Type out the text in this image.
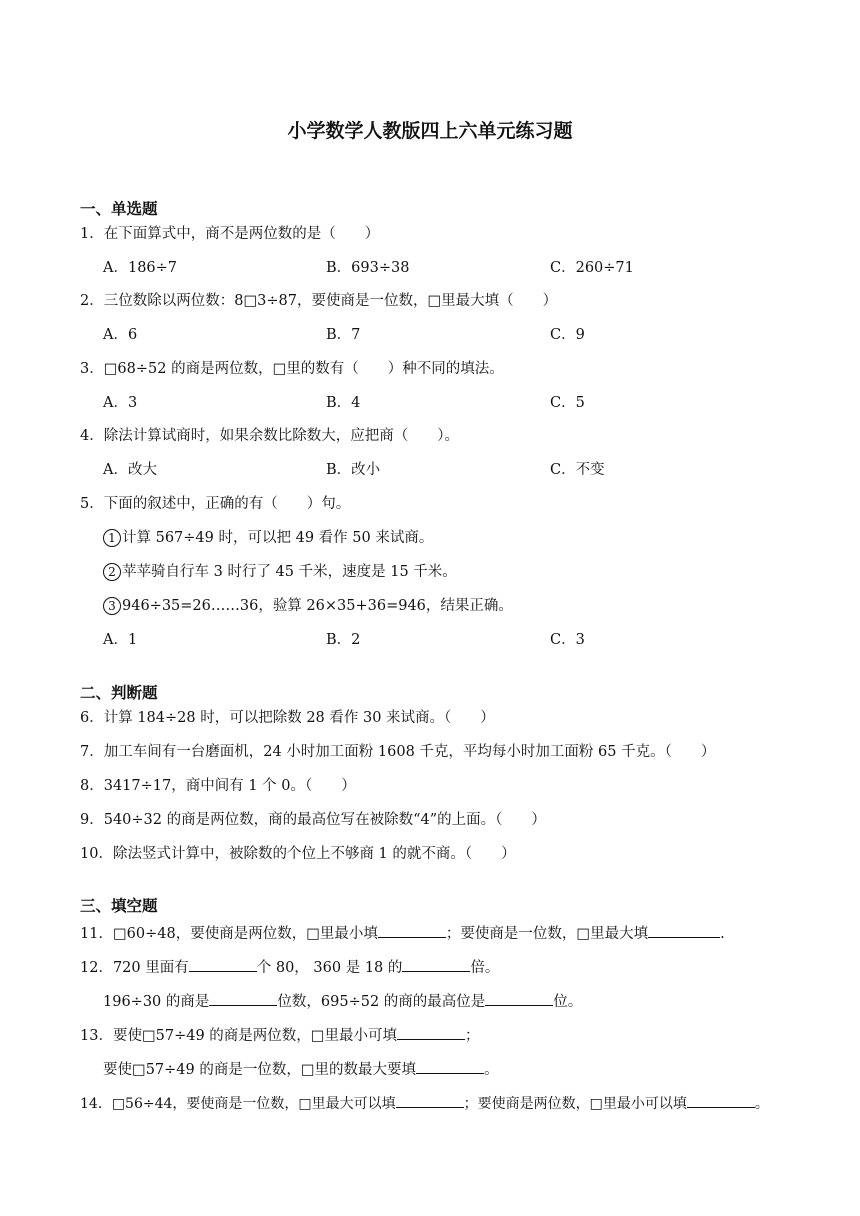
小学数学人教版四上六单元练习题
一、单选题
1．在下面算式中，商不是两位数的是（　　）
A．186÷7	B．693÷38	C．260÷71
2．三位数除以两位数：8□3÷87，要使商是一位数，□里最大填（　　）
A．6	B．7	C．9
3．□68÷52 的商是两位数，□里的数有（　　）种不同的填法。
A．3	B．4	C．5
4．除法计算试商时，如果余数比除数大，应把商（　　）。
A．改大	B．改小	C．不变
5．下面的叙述中，正确的有（　　）句。
1 计算 567÷49 时，可以把 49 看作 50 来试商。
2 苹苹骑自行车 3 时行了 45 千米，速度是 15 千米。
3 946÷35=26……36，验算 26×35+36=946，结果正确。
A．1	B．2	C．3
二、判断题
6．计算 184÷28 时，可以把除数 28 看作 30 来试商。（　　）
7．加工车间有一台磨面机，24 小时加工面粉 1608 千克，平均每小时加工面粉 65 千克。（　　）
8．3417÷17，商中间有 1 个 0。（　　）
9．540÷32 的商是两位数，商的最高位写在被除数“4”的上面。（　　）
10．除法竖式计算中，被除数的个位上不够商 1 的就不商。（　　）
三、填空题
11．□60÷48，要使商是两位数，□里最小填	；要使商是一位数，□里最大填	.
12．720 里面有	个 80， 360 是 18 的	倍。
196÷30 的商是	位数，695÷52 的商的最高位是	位。
13．要使□57÷49 的商是两位数，□里最小可填	；
要使□57÷49 的商是一位数，□里的数最大要填	。
14．□56÷44，要使商是一位数，□里最大可以填	；要使商是两位数，□里最小可以填	。
